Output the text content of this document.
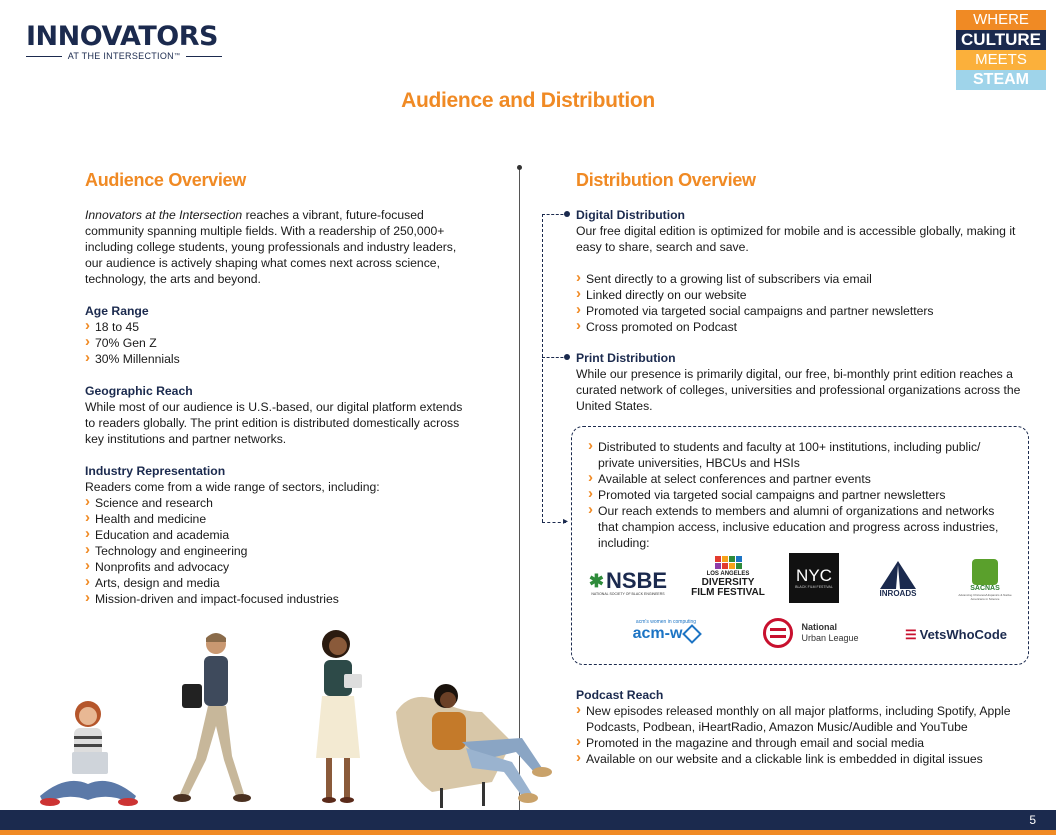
INNOVATORS
AT THE INTERSECTION™
WHERE
CULTURE
MEETS
STEAM
Audience and Distribution
Audience Overview

Innovators at the Intersection reaches a vibrant, future-focused community spanning multiple fields. With a readership of 250,000+ including college students, young professionals and industry leaders, our audience is actively shaping what comes next across science, technology, the arts and beyond.

Age Range
› 18 to 45
› 70% Gen Z
› 30% Millennials
Geographic Reach

While most of our audience is U.S.-based, our digital platform extends to readers globally. The print edition is distributed domestically across key institutions and partner networks.

Industry Representation

Readers come from a wide range of sectors, including:

› Science and research
› Health and medicine
› Education and academia
› Technology and engineering
› Nonprofits and advocacy
› Arts, design and media
› Mission-driven and impact-focused industries
Distribution Overview
▸
Digital Distribution

Our free digital edition is optimized for mobile and is accessible globally, making it easy to share, search and save.

› Sent directly to a growing list of subscribers via email
› Linked directly on our website
› Promoted via targeted social campaigns and partner newsletters
› Cross promoted on Podcast
Print Distribution

While our presence is primarily digital, our free, bi-monthly print edition reaches a curated network of colleges, universities and professional organizations across the United States.

› Distributed to students and faculty at 100+ institutions, including public/ private universities, HBCUs and HSIs
› Available at select conferences and partner events
› Promoted via targeted social campaigns and partner newsletters
› Our reach extends to members and alumni of organizations and networks that champion access, inclusive education and progress across industries, including:
✱ NSBE
NATIONAL SOCIETY OF BLACK ENGINEERS
LOS ANGELES
DIVERSITY
FILM FESTIVAL
NYC
BLACK FILM FESTIVAL
INROADS	SACNAS
Advancing Chicanos/Hispanics & Native Americans in Science
acm's women in computing
acm-w	National
Urban League	☰ VetsWhoCode
Podcast Reach
› New episodes released monthly on all major platforms, including Spotify, Apple Podcasts, Podbean, iHeartRadio, Amazon Music/Audible and YouTube
› Promoted in the magazine and through email and social media
› Available on our website and a clickable link is embedded in digital issues
5
